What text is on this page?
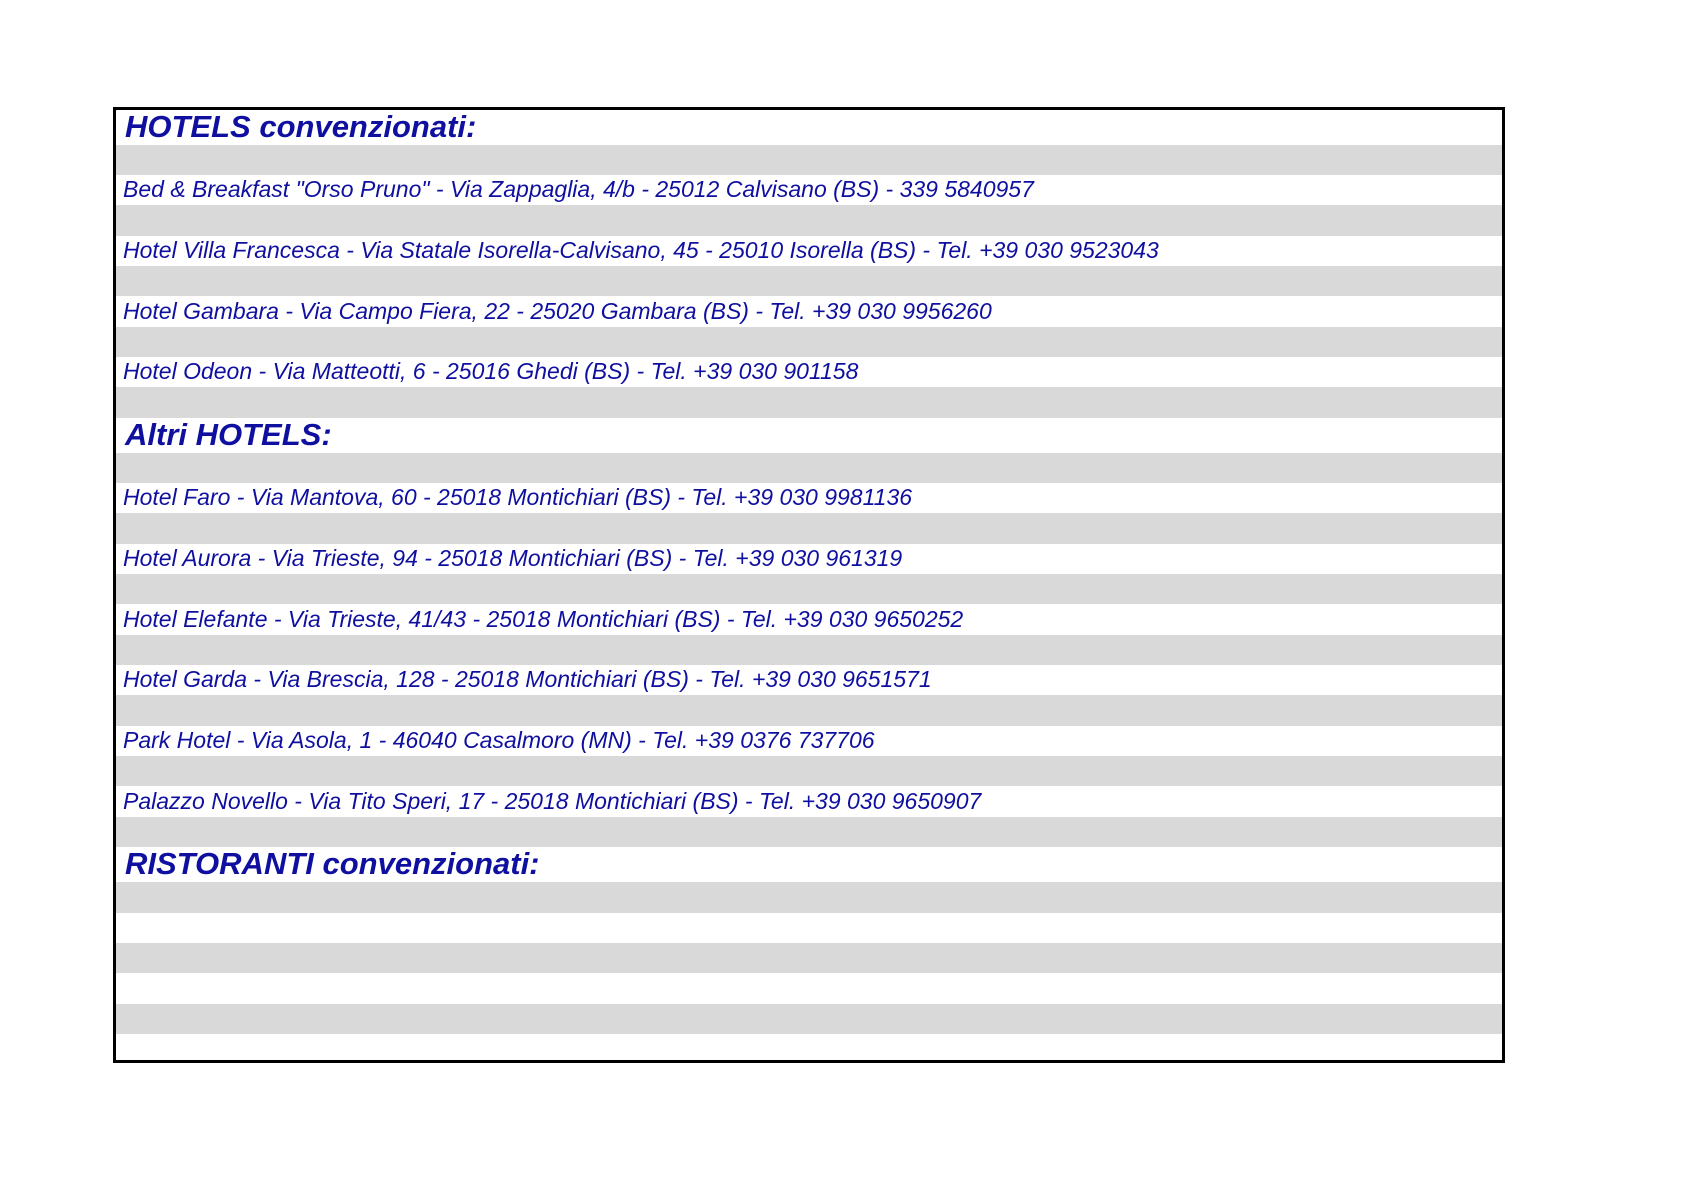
HOTELS convenzionati:
Bed & Breakfast "Orso Pruno" - Via Zappaglia, 4/b - 25012 Calvisano (BS) - 339 5840957
Hotel Villa Francesca - Via Statale Isorella-Calvisano, 45 - 25010 Isorella (BS) - Tel. +39 030 9523043
Hotel Gambara - Via Campo Fiera, 22 - 25020 Gambara (BS) - Tel. +39 030 9956260
Hotel Odeon - Via Matteotti, 6 - 25016 Ghedi (BS) - Tel. +39 030 901158
Altri HOTELS:
Hotel Faro - Via Mantova, 60 - 25018 Montichiari (BS) - Tel. +39 030 9981136
Hotel Aurora - Via Trieste, 94 - 25018 Montichiari (BS) - Tel. +39 030 961319
Hotel Elefante - Via Trieste, 41/43 - 25018 Montichiari (BS) - Tel. +39 030 9650252
Hotel Garda - Via Brescia, 128 - 25018 Montichiari (BS) - Tel. +39 030 9651571
Park Hotel - Via Asola, 1 - 46040 Casalmoro (MN) - Tel. +39 0376 737706
Palazzo Novello - Via Tito Speri, 17 - 25018 Montichiari (BS) - Tel. +39 030 9650907
RISTORANTI convenzionati:
